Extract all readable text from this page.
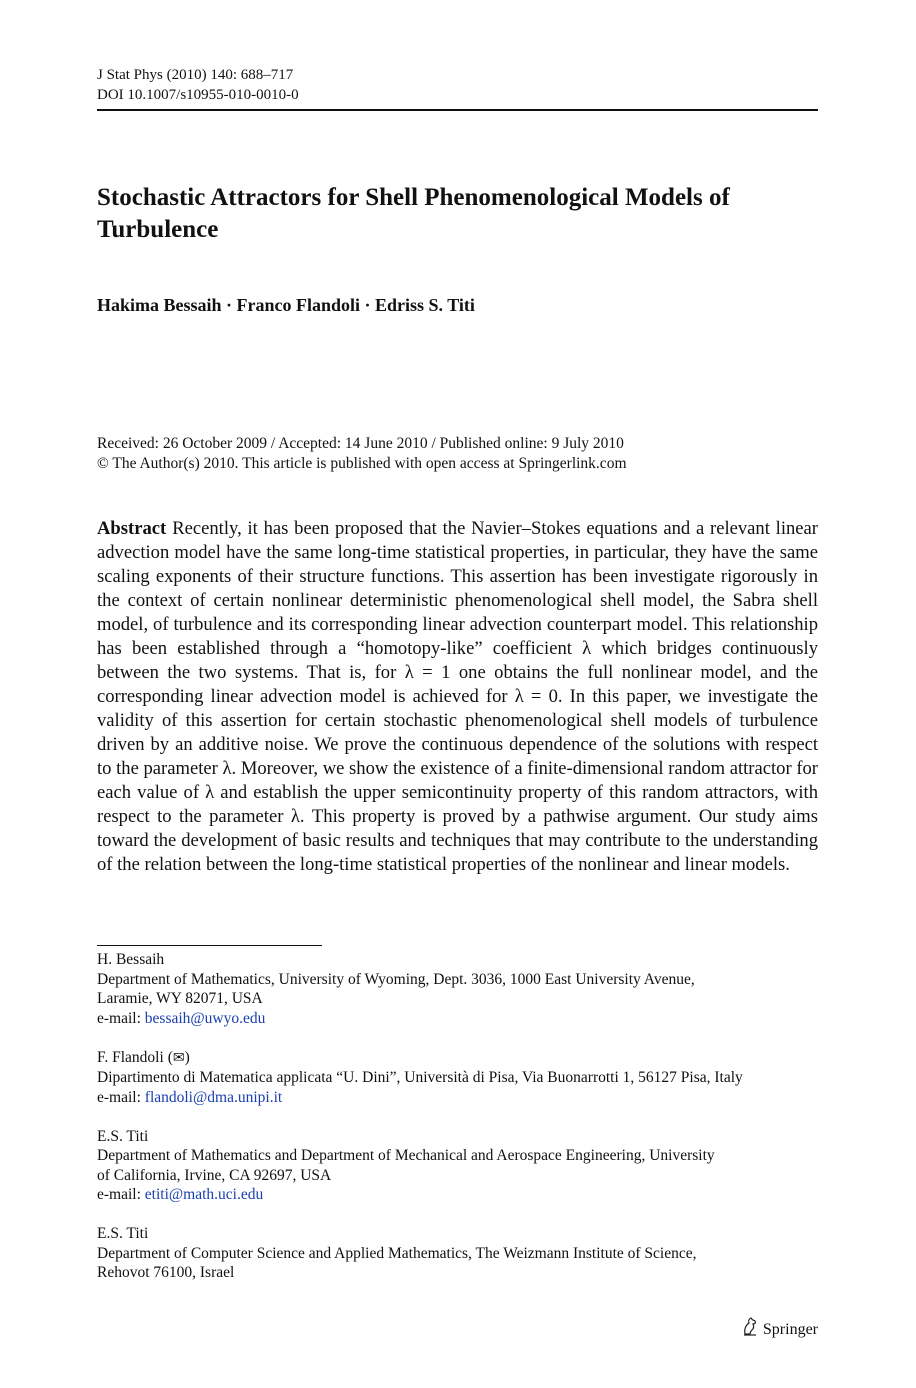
J Stat Phys (2010) 140: 688–717
DOI 10.1007/s10955-010-0010-0
Stochastic Attractors for Shell Phenomenological Models of Turbulence
Hakima Bessaih · Franco Flandoli · Edriss S. Titi
Received: 26 October 2009 / Accepted: 14 June 2010 / Published online: 9 July 2010
© The Author(s) 2010. This article is published with open access at Springerlink.com

Abstract Recently, it has been proposed that the Navier–Stokes equations and a relevant linear advection model have the same long-time statistical properties, in particular, they have the same scaling exponents of their structure functions. This assertion has been investigate rigorously in the context of certain nonlinear deterministic phenomenological shell model, the Sabra shell model, of turbulence and its corresponding linear advection counterpart model. This relationship has been established through a “homotopy-like” coefficient λ which bridges continuously between the two systems. That is, for λ = 1 one obtains the full nonlinear model, and the corresponding linear advection model is achieved for λ = 0. In this paper, we investigate the validity of this assertion for certain stochastic phenomenological shell models of turbulence driven by an additive noise. We prove the continuous dependence of the solutions with respect to the parameter λ. Moreover, we show the existence of a finite-dimensional random attractor for each value of λ and establish the upper semicontinuity property of this random attractors, with respect to the parameter λ. This property is proved by a pathwise argument. Our study aims toward the development of basic results and techniques that may contribute to the understanding of the relation between the long-time statistical properties of the nonlinear and linear models.

H. Bessaih
Department of Mathematics, University of Wyoming, Dept. 3036, 1000 East University Avenue,
Laramie, WY 82071, USA
e-mail: bessaih@uwyo.edu
F. Flandoli (✉)
Dipartimento di Matematica applicata “U. Dini”, Università di Pisa, Via Buonarrotti 1, 56127 Pisa, Italy
e-mail: flandoli@dma.unipi.it
E.S. Titi
Department of Mathematics and Department of Mechanical and Aerospace Engineering, University
of California, Irvine, CA 92697, USA
e-mail: etiti@math.uci.edu
E.S. Titi
Department of Computer Science and Applied Mathematics, The Weizmann Institute of Science,
Rehovot 76100, Israel
Springer
